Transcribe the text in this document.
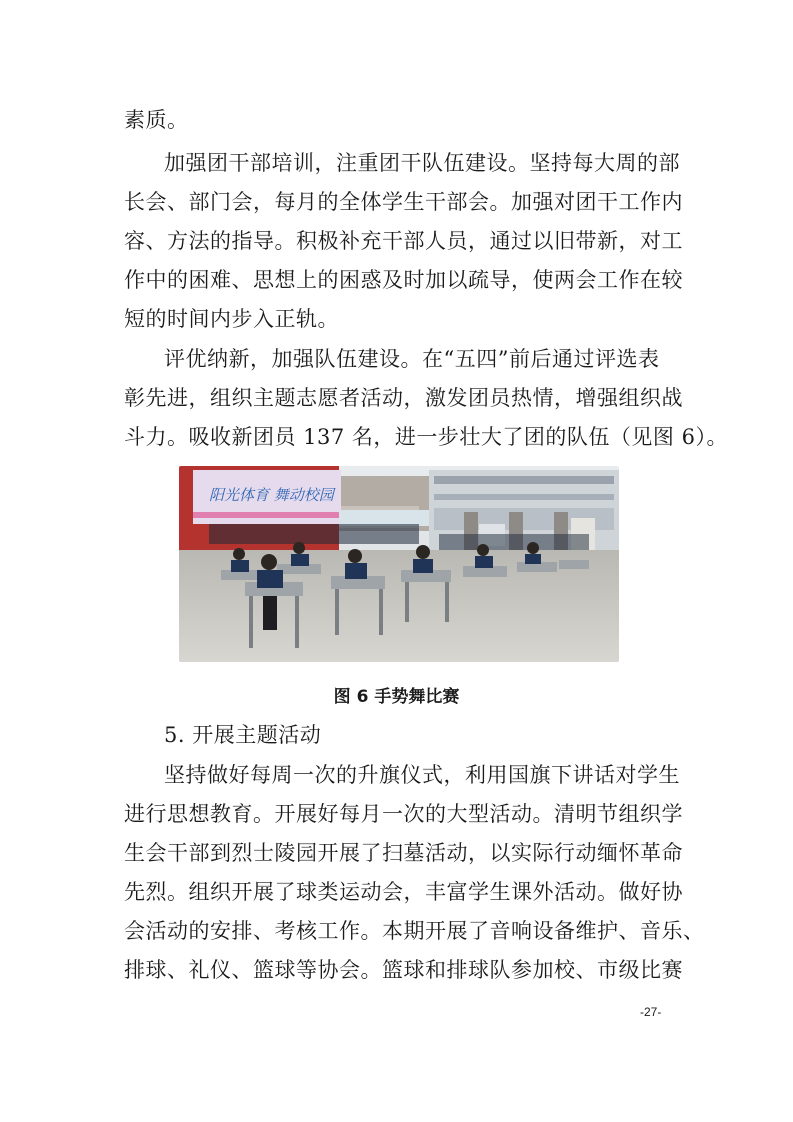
素质。
加强团干部培训，注重团干队伍建设。坚持每大周的部
长会、部门会，每月的全体学生干部会。加强对团干工作内
容、方法的指导。积极补充干部人员，通过以旧带新，对工
作中的困难、思想上的困惑及时加以疏导，使两会工作在较
短的时间内步入正轨。
评优纳新，加强队伍建设。在“五四”前后通过评选表
彰先进，组织主题志愿者活动，激发团员热情，增强组织战
斗力。吸收新团员 137 名，进一步壮大了团的队伍（见图 6）。
阳光体育 舞动校园
图 6 手势舞比赛
5. 开展主题活动
坚持做好每周一次的升旗仪式，利用国旗下讲话对学生
进行思想教育。开展好每月一次的大型活动。清明节组织学
生会干部到烈士陵园开展了扫墓活动，以实际行动缅怀革命
先烈。组织开展了球类运动会，丰富学生课外活动。做好协
会活动的安排、考核工作。本期开展了音响设备维护、音乐、
排球、礼仪、篮球等协会。篮球和排球队参加校、市级比赛
-27-
